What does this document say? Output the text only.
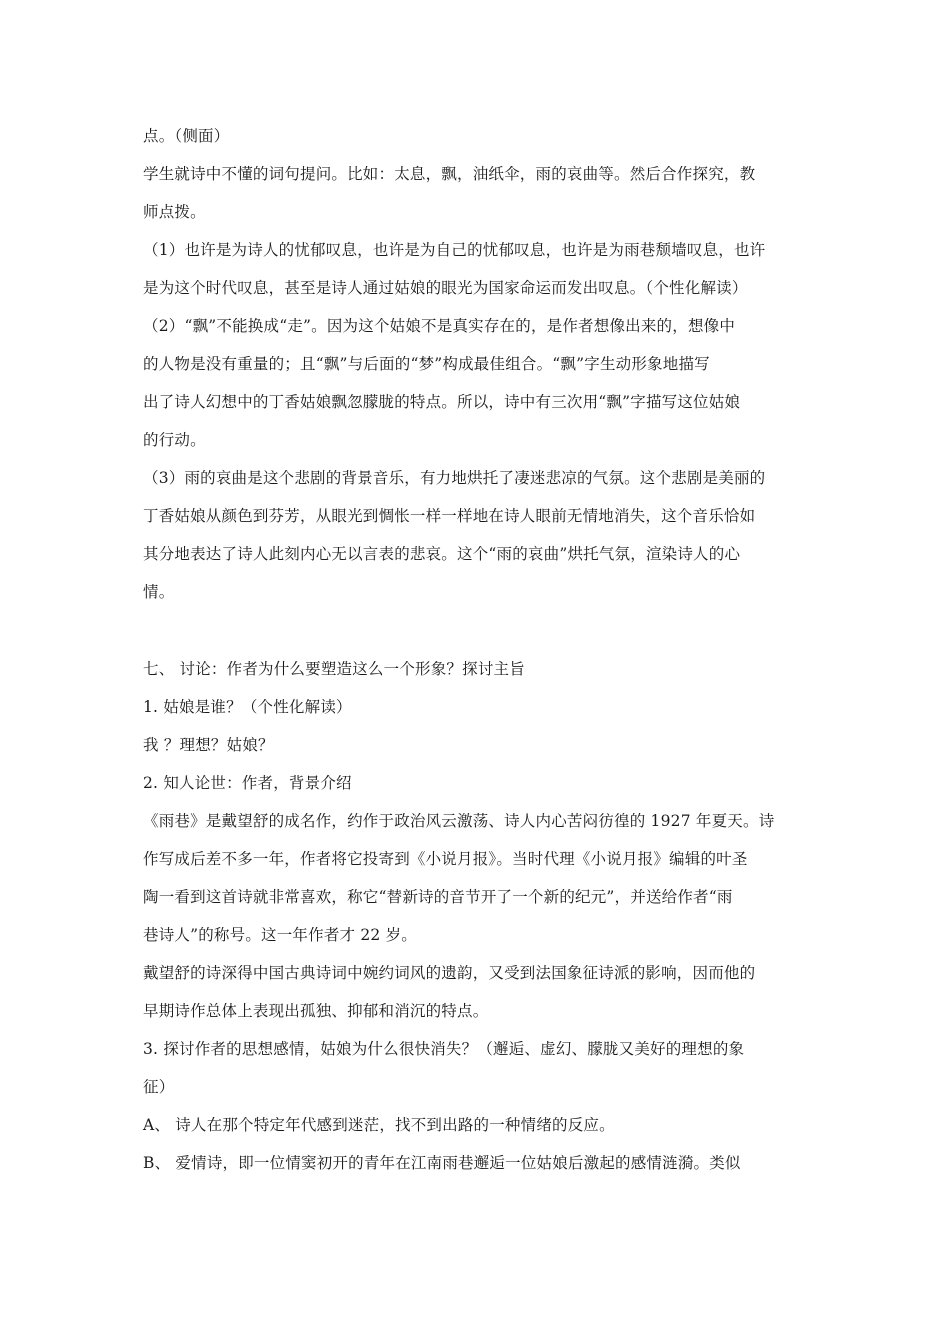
点。（侧面）
学生就诗中不懂的词句提问。比如：太息，飘，油纸伞，雨的哀曲等。然后合作探究，教
师点拨。
（1）也许是为诗人的忧郁叹息，也许是为自己的忧郁叹息，也许是为雨巷颓墙叹息，也许
是为这个时代叹息，甚至是诗人通过姑娘的眼光为国家命运而发出叹息。（个性化解读）
（2）“飘”不能换成“走”。因为这个姑娘不是真实存在的，是作者想像出来的，想像中
的人物是没有重量的；且“飘”与后面的“梦”构成最佳组合。“飘”字生动形象地描写
出了诗人幻想中的丁香姑娘飘忽朦胧的特点。所以，诗中有三次用“飘”字描写这位姑娘
的行动。
（3）雨的哀曲是这个悲剧的背景音乐，有力地烘托了凄迷悲凉的气氛。这个悲剧是美丽的
丁香姑娘从颜色到芬芳，从眼光到惆怅一样一样地在诗人眼前无情地消失，这个音乐恰如
其分地表达了诗人此刻内心无以言表的悲哀。这个“雨的哀曲”烘托气氛，渲染诗人的心
情。
七、 讨论：作者为什么要塑造这么一个形象？探讨主旨
1. 姑娘是谁？（个性化解读）
我 ？理想？姑娘？
2. 知人论世：作者，背景介绍
《雨巷》是戴望舒的成名作，约作于政治风云激荡、诗人内心苦闷彷徨的 1927 年夏天。诗
作写成后差不多一年，作者将它投寄到《小说月报》。当时代理《小说月报》编辑的叶圣
陶一看到这首诗就非常喜欢，称它“替新诗的音节开了一个新的纪元”，并送给作者“雨
巷诗人”的称号。这一年作者才 22 岁。
戴望舒的诗深得中国古典诗词中婉约词风的遗韵，又受到法国象征诗派的影响，因而他的
早期诗作总体上表现出孤独、抑郁和消沉的特点。
3. 探讨作者的思想感情，姑娘为什么很快消失？（邂逅、虚幻、朦胧又美好的理想的象
征）
A、 诗人在那个特定年代感到迷茫，找不到出路的一种情绪的反应。
B、 爱情诗，即一位情窦初开的青年在江南雨巷邂逅一位姑娘后激起的感情涟漪。类似
